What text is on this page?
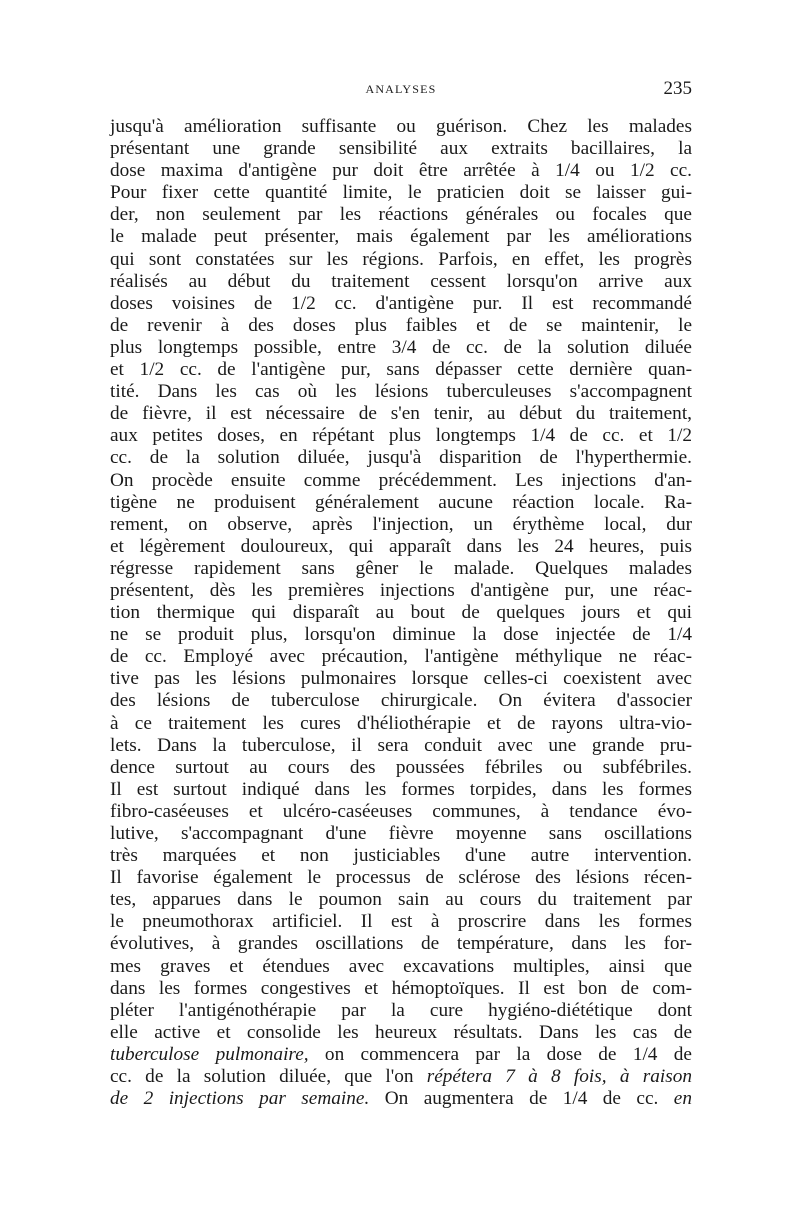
ANALYSES	235
jusqu'à amélioration suffisante ou guérison. Chez les malades
présentant une grande sensibilité aux extraits bacillaires, la
dose maxima d'antigène pur doit être arrêtée à 1/4 ou 1/2 cc.
Pour fixer cette quantité limite, le praticien doit se laisser gui-
der, non seulement par les réactions générales ou focales que
le malade peut présenter, mais également par les améliorations
qui sont constatées sur les régions. Parfois, en effet, les progrès
réalisés au début du traitement cessent lorsqu'on arrive aux
doses voisines de 1/2 cc. d'antigène pur. Il est recommandé
de revenir à des doses plus faibles et de se maintenir, le
plus longtemps possible, entre 3/4 de cc. de la solution diluée
et 1/2 cc. de l'antigène pur, sans dépasser cette dernière quan-
tité. Dans les cas où les lésions tuberculeuses s'accompagnent
de fièvre, il est nécessaire de s'en tenir, au début du traitement,
aux petites doses, en répétant plus longtemps 1/4 de cc. et 1/2
cc. de la solution diluée, jusqu'à disparition de l'hyperthermie.
On procède ensuite comme précédemment. Les injections d'an-
tigène ne produisent généralement aucune réaction locale. Ra-
rement, on observe, après l'injection, un érythème local, dur
et légèrement douloureux, qui apparaît dans les 24 heures, puis
régresse rapidement sans gêner le malade. Quelques malades
présentent, dès les premières injections d'antigène pur, une réac-
tion thermique qui disparaît au bout de quelques jours et qui
ne se produit plus, lorsqu'on diminue la dose injectée de 1/4
de cc. Employé avec précaution, l'antigène méthylique ne réac-
tive pas les lésions pulmonaires lorsque celles-ci coexistent avec
des lésions de tuberculose chirurgicale. On évitera d'associer
à ce traitement les cures d'héliothérapie et de rayons ultra-vio-
lets. Dans la tuberculose, il sera conduit avec une grande pru-
dence surtout au cours des poussées fébriles ou subfébriles.
Il est surtout indiqué dans les formes torpides, dans les formes
fibro-caséeuses et ulcéro-caséeuses communes, à tendance évo-
lutive, s'accompagnant d'une fièvre moyenne sans oscillations
très marquées et non justiciables d'une autre intervention.
Il favorise également le processus de sclérose des lésions récen-
tes, apparues dans le poumon sain au cours du traitement par
le pneumothorax artificiel. Il est à proscrire dans les formes
évolutives, à grandes oscillations de température, dans les for-
mes graves et étendues avec excavations multiples, ainsi que
dans les formes congestives et hémoptoïques. Il est bon de com-
pléter l'antigénothérapie par la cure hygiéno-diététique dont
elle active et consolide les heureux résultats. Dans les cas de
tuberculose pulmonaire, on commencera par la dose de 1/4 de
cc. de la solution diluée, que l'on répétera 7 à 8 fois, à raison
de 2 injections par semaine. On augmentera de 1/4 de cc. en
